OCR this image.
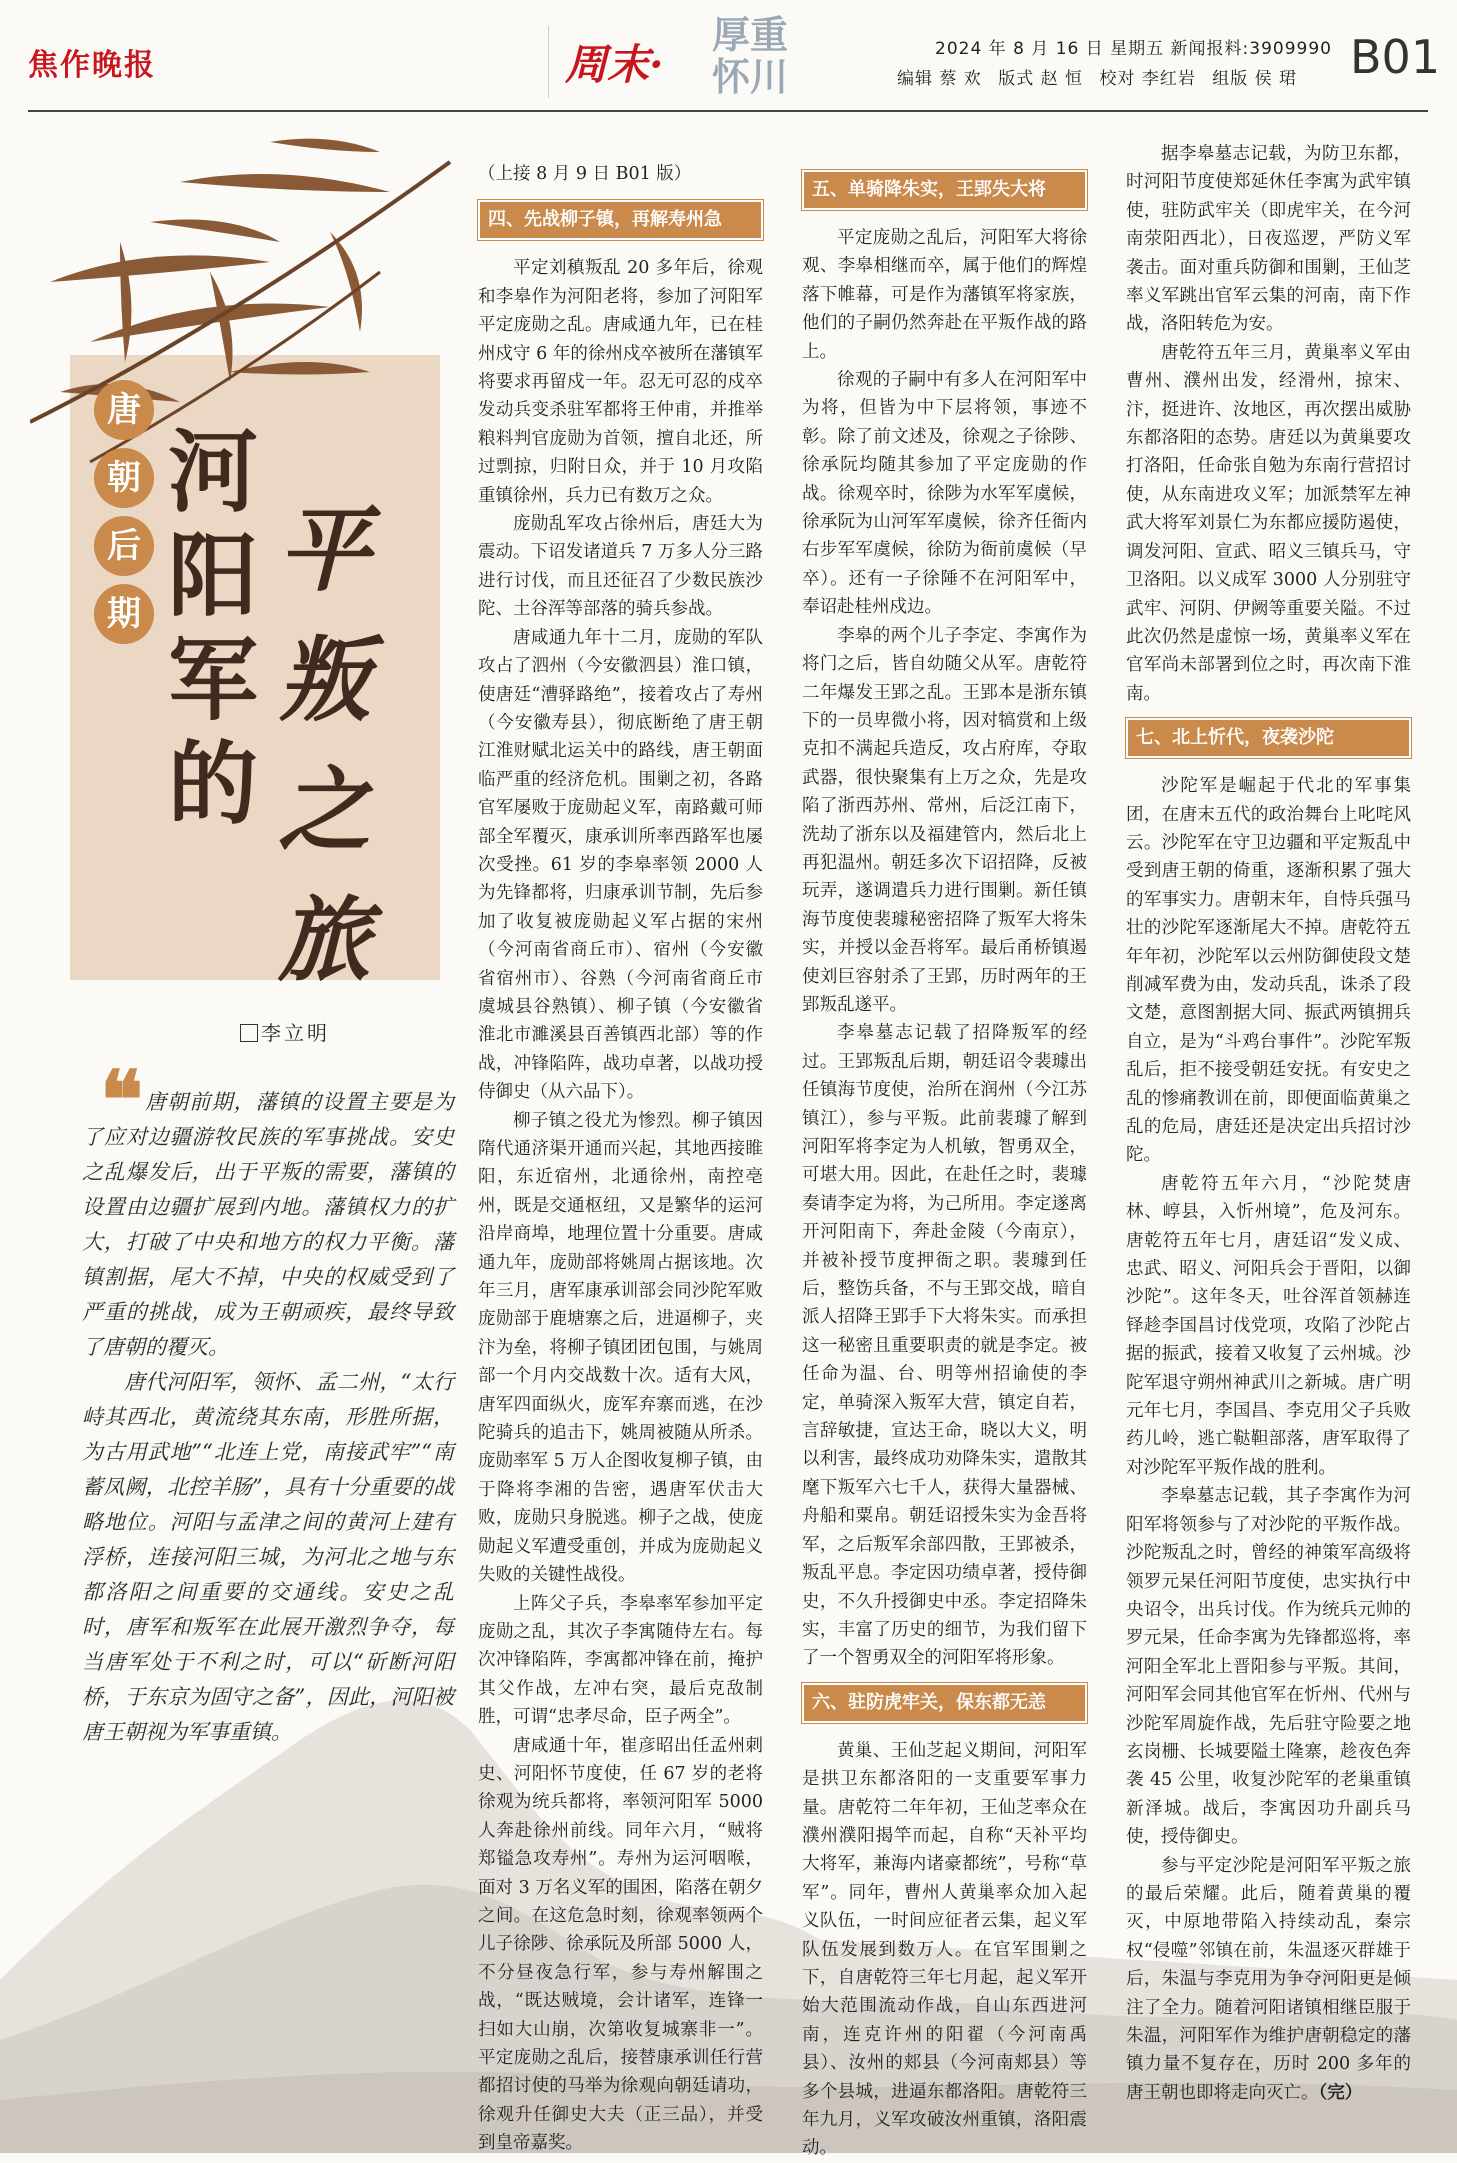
焦作晚报	周末·
厚重怀川
2024 年 8 月 16 日 星期五 新闻报料:3909990
编辑 蔡 欢 版式 赵 恒 校对 李红岩 组版 侯 珺 B01
唐
朝
后
期
河阳军的
平叛之旅
李立明
❝ 唐朝前期，藩镇的设置主要是为了应对边疆游牧民族的军事挑战。安史之乱爆发后，出于平叛的需要，藩镇的设置由边疆扩展到内地。藩镇权力的扩大，打破了中央和地方的权力平衡。藩镇割据，尾大不掉，中央的权威受到了严重的挑战，成为王朝顽疾，最终导致了唐朝的覆灭。

唐代河阳军，领怀、孟二州，“太行峙其西北，黄流绕其东南，形胜所据，为古用武地”“北连上党，南接武牢”“南蓄凤阙，北控羊肠”，具有十分重要的战略地位。河阳与孟津之间的黄河上建有浮桥，连接河阳三城，为河北之地与东都洛阳之间重要的交通线。安史之乱时，唐军和叛军在此展开激烈争夺，每当唐军处于不利之时，可以“斫断河阳桥，于东京为固守之备”，因此，河阳被唐王朝视为军事重镇。

（上接 8 月 9 日 B01 版）

四、先战柳子镇，再解寿州急

平定刘稹叛乱 20 多年后，徐观和李皋作为河阳老将，参加了河阳军平定庞勋之乱。唐咸通九年，已在桂州戍守 6 年的徐州戍卒被所在藩镇军将要求再留戍一年。忍无可忍的戍卒发动兵变杀驻军都将王仲甫，并推举粮料判官庞勋为首领，擅自北还，所过剽掠，归附日众，并于 10 月攻陷重镇徐州，兵力已有数万之众。

庞勋乱军攻占徐州后，唐廷大为震动。下诏发诸道兵 7 万多人分三路进行讨伐，而且还征召了少数民族沙陀、土谷浑等部落的骑兵参战。

唐咸通九年十二月，庞勋的军队攻占了泗州（今安徽泗县）淮口镇，使唐廷“漕驿路绝”，接着攻占了寿州（今安徽寿县），彻底断绝了唐王朝江淮财赋北运关中的路线，唐王朝面临严重的经济危机。围剿之初，各路官军屡败于庞勋起义军，南路戴可师部全军覆灭，康承训所率西路军也屡次受挫。61 岁的李皋率领 2000 人为先锋都将，归康承训节制，先后参加了收复被庞勋起义军占据的宋州（今河南省商丘市）、宿州（今安徽省宿州市）、谷熟（今河南省商丘市虞城县谷熟镇）、柳子镇（今安徽省淮北市濉溪县百善镇西北部）等的作战，冲锋陷阵，战功卓著，以战功授侍御史（从六品下）。

柳子镇之役尤为惨烈。柳子镇因隋代通济渠开通而兴起，其地西接睢阳，东近宿州，北通徐州，南控亳州，既是交通枢纽，又是繁华的运河沿岸商埠，地理位置十分重要。唐咸通九年，庞勋部将姚周占据该地。次年三月，唐军康承训部会同沙陀军败庞勋部于鹿塘寨之后，进逼柳子，夹汴为垒，将柳子镇团团包围，与姚周部一个月内交战数十次。适有大风，唐军四面纵火，庞军弃寨而逃，在沙陀骑兵的追击下，姚周被随从所杀。庞勋率军 5 万人企图收复柳子镇，由于降将李湘的告密，遇唐军伏击大败，庞勋只身脱逃。柳子之战，使庞勋起义军遭受重创，并成为庞勋起义失败的关键性战役。

上阵父子兵，李皋率军参加平定庞勋之乱，其次子李寓随侍左右。每次冲锋陷阵，李寓都冲锋在前，掩护其父作战，左冲右突，最后克敌制胜，可谓“忠孝尽命，臣子两全”。

唐咸通十年，崔彦昭出任孟州刺史、河阳怀节度使，任 67 岁的老将徐观为统兵都将，率领河阳军 5000 人奔赴徐州前线。同年六月，“贼将郑镒急攻寿州”。寿州为运河咽喉，面对 3 万名义军的围困，陷落在朝夕之间。在这危急时刻，徐观率领两个儿子徐陟、徐承阮及所部 5000 人，不分昼夜急行军，参与寿州解围之战，“既达贼境，会计诸军，连锋一扫如大山崩，次第收复城寨非一”。平定庞勋之乱后，接替康承训任行营都招讨使的马举为徐观向朝廷请功，徐观升任御史大夫（正三品），并受到皇帝嘉奖。

五、单骑降朱实，王郢失大将

平定庞勋之乱后，河阳军大将徐观、李皋相继而卒，属于他们的辉煌落下帷幕，可是作为藩镇军将家族，他们的子嗣仍然奔赴在平叛作战的路上。

徐观的子嗣中有多人在河阳军中为将，但皆为中下层将领，事迹不彰。除了前文述及，徐观之子徐陟、徐承阮均随其参加了平定庞勋的作战。徐观卒时，徐陟为水军军虞候，徐承阮为山河军军虞候，徐齐任衙内右步军军虞候，徐防为衙前虞候（早卒）。还有一子徐陲不在河阳军中，奉诏赴桂州戍边。

李皋的两个儿子李定、李寓作为将门之后，皆自幼随父从军。唐乾符二年爆发王郢之乱。王郢本是浙东镇下的一员卑微小将，因对犒赏和上级克扣不满起兵造反，攻占府库，夺取武器，很快聚集有上万之众，先是攻陷了浙西苏州、常州，后泛江南下，洗劫了浙东以及福建管内，然后北上再犯温州。朝廷多次下诏招降，反被玩弄，遂调遣兵力进行围剿。新任镇海节度使裴璩秘密招降了叛军大将朱实，并授以金吾将军。最后甬桥镇遏使刘巨容射杀了王郢，历时两年的王郢叛乱遂平。

李皋墓志记载了招降叛军的经过。王郢叛乱后期，朝廷诏令裴璩出任镇海节度使，治所在润州（今江苏镇江），参与平叛。此前裴璩了解到河阳军将李定为人机敏，智勇双全，可堪大用。因此，在赴任之时，裴璩奏请李定为将，为己所用。李定遂离开河阳南下，奔赴金陵（今南京），并被补授节度押衙之职。裴璩到任后，整饬兵备，不与王郢交战，暗自派人招降王郢手下大将朱实。而承担这一秘密且重要职责的就是李定。被任命为温、台、明等州招谕使的李定，单骑深入叛军大营，镇定自若，言辞敏捷，宣达王命，晓以大义，明以利害，最终成功劝降朱实，遣散其麾下叛军六七千人，获得大量器械、舟船和粟帛。朝廷诏授朱实为金吾将军，之后叛军余部四散，王郢被杀，叛乱平息。李定因功绩卓著，授侍御史，不久升授御史中丞。李定招降朱实，丰富了历史的细节，为我们留下了一个智勇双全的河阳军将形象。

六、驻防虎牢关，保东都无恙

黄巢、王仙芝起义期间，河阳军是拱卫东都洛阳的一支重要军事力量。唐乾符二年年初，王仙芝率众在濮州濮阳揭竿而起，自称“天补平均大将军，兼海内诸豪都统”，号称“草军”。同年，曹州人黄巢率众加入起义队伍，一时间应征者云集，起义军队伍发展到数万人。在官军围剿之下，自唐乾符三年七月起，起义军开始大范围流动作战，自山东西进河南，连克许州的阳翟（今河南禹县）、汝州的郏县（今河南郏县）等多个县城，进逼东都洛阳。唐乾符三年九月，义军攻破汝州重镇，洛阳震动。

据李皋墓志记载，为防卫东都，时河阳节度使郑延休任李寓为武牢镇使，驻防武牢关（即虎牢关，在今河南荥阳西北），日夜巡逻，严防义军袭击。面对重兵防御和围剿，王仙芝率义军跳出官军云集的河南，南下作战，洛阳转危为安。

唐乾符五年三月，黄巢率义军由曹州、濮州出发，经滑州，掠宋、汴，挺进许、汝地区，再次摆出威胁东都洛阳的态势。唐廷以为黄巢要攻打洛阳，任命张自勉为东南行营招讨使，从东南进攻义军；加派禁军左神武大将军刘景仁为东都应援防遏使，调发河阳、宣武、昭义三镇兵马，守卫洛阳。以义成军 3000 人分别驻守武牢、河阴、伊阙等重要关隘。不过此次仍然是虚惊一场，黄巢率义军在官军尚未部署到位之时，再次南下淮南。

七、北上忻代，夜袭沙陀

沙陀军是崛起于代北的军事集团，在唐末五代的政治舞台上叱咤风云。沙陀军在守卫边疆和平定叛乱中受到唐王朝的倚重，逐渐积累了强大的军事实力。唐朝末年，自恃兵强马壮的沙陀军逐渐尾大不掉。唐乾符五年年初，沙陀军以云州防御使段文楚削减军费为由，发动兵乱，诛杀了段文楚，意图割据大同、振武两镇拥兵自立，是为“斗鸡台事件”。沙陀军叛乱后，拒不接受朝廷安抚。有安史之乱的惨痛教训在前，即便面临黄巢之乱的危局，唐廷还是决定出兵招讨沙陀。

唐乾符五年六月，“沙陀焚唐林、崞县，入忻州境”，危及河东。唐乾符五年七月，唐廷诏“发义成、忠武、昭义、河阳兵会于晋阳，以御沙陀”。这年冬天，吐谷浑首领赫连铎趁李国昌讨伐党项，攻陷了沙陀占据的振武，接着又收复了云州城。沙陀军退守朔州神武川之新城。唐广明元年七月，李国昌、李克用父子兵败药儿岭，逃亡鞑靼部落，唐军取得了对沙陀军平叛作战的胜利。

李皋墓志记载，其子李寓作为河阳军将领参与了对沙陀的平叛作战。沙陀叛乱之时，曾经的神策军高级将领罗元杲任河阳节度使，忠实执行中央诏令，出兵讨伐。作为统兵元帅的罗元杲，任命李寓为先锋都巡将，率河阳全军北上晋阳参与平叛。其间，河阳军会同其他官军在忻州、代州与沙陀军周旋作战，先后驻守险要之地玄岗栅、长城要隘土隆寨，趁夜色奔袭 45 公里，收复沙陀军的老巢重镇新泽城。战后，李寓因功升副兵马使，授侍御史。

参与平定沙陀是河阳军平叛之旅的最后荣耀。此后，随着黄巢的覆灭，中原地带陷入持续动乱，秦宗权“侵噬”邻镇在前，朱温逐灭群雄于后，朱温与李克用为争夺河阳更是倾注了全力。随着河阳诸镇相继臣服于朱温，河阳军作为维护唐朝稳定的藩镇力量不复存在，历时 200 多年的唐王朝也即将走向灭亡。（完）
